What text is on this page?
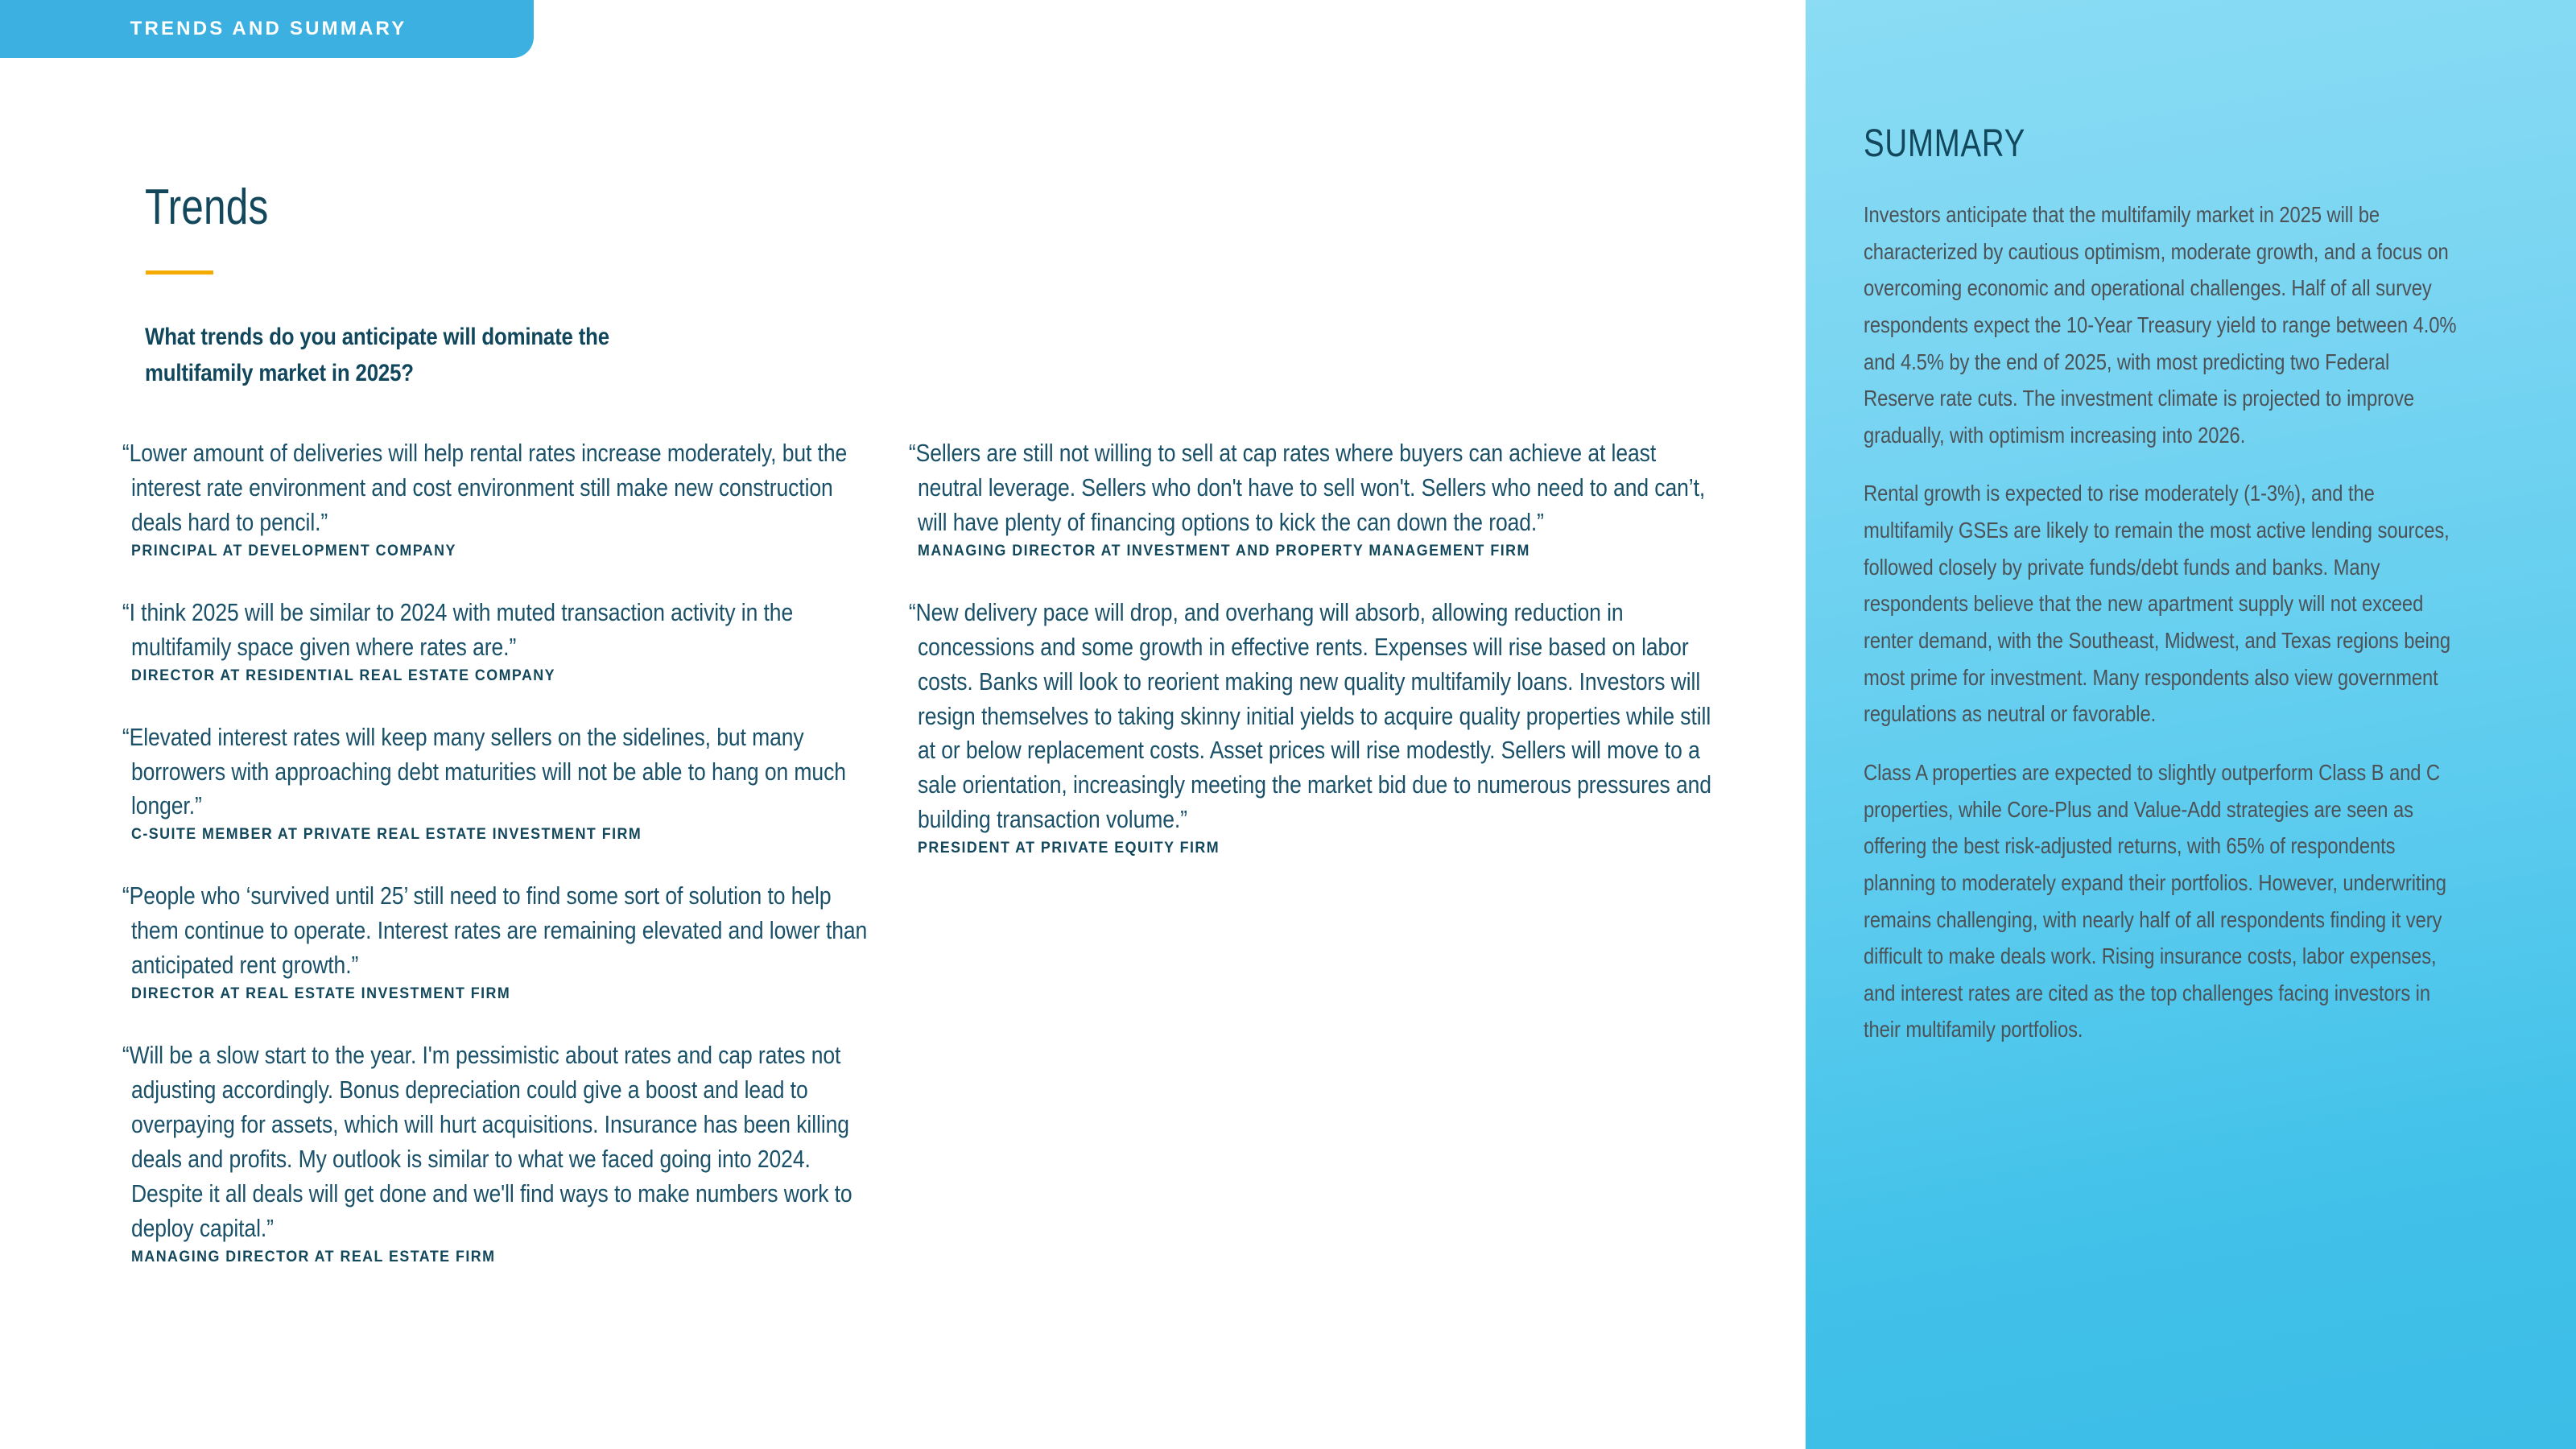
TRENDS AND SUMMARY
Trends
What trends do you anticipate will dominate the multifamily market in 2025?
“Lower amount of deliveries will help rental rates increase moderately, but the interest rate environment and cost environment still make new construction deals hard to pencil.”
PRINCIPAL AT DEVELOPMENT COMPANY
“I think 2025 will be similar to 2024 with muted transaction activity in the multifamily space given where rates are.”
DIRECTOR AT RESIDENTIAL REAL ESTATE COMPANY
“Elevated interest rates will keep many sellers on the sidelines, but many borrowers with approaching debt maturities will not be able to hang on much longer.”
C-SUITE MEMBER AT PRIVATE REAL ESTATE INVESTMENT FIRM
“People who ‘survived until 25’ still need to find some sort of solution to help them continue to operate. Interest rates are remaining elevated and lower than anticipated rent growth.”
DIRECTOR AT REAL ESTATE INVESTMENT FIRM
“Will be a slow start to the year. I'm pessimistic about rates and cap rates not adjusting accordingly. Bonus depreciation could give a boost and lead to overpaying for assets, which will hurt acquisitions. Insurance has been killing deals and profits. My outlook is similar to what we faced going into 2024. Despite it all deals will get done and we'll find ways to make numbers work to deploy capital.”
MANAGING DIRECTOR AT REAL ESTATE FIRM
“Sellers are still not willing to sell at cap rates where buyers can achieve at least neutral leverage. Sellers who don't have to sell won't. Sellers who need to and can’t, will have plenty of financing options to kick the can down the road.”
MANAGING DIRECTOR AT INVESTMENT AND PROPERTY MANAGEMENT FIRM
“New delivery pace will drop, and overhang will absorb, allowing reduction in concessions and some growth in effective rents. Expenses will rise based on labor costs. Banks will look to reorient making new quality multifamily loans. Investors will resign themselves to taking skinny initial yields to acquire quality properties while still at or below replacement costs. Asset prices will rise modestly. Sellers will move to a sale orientation, increasingly meeting the market bid due to numerous pressures and building transaction volume.”
PRESIDENT AT PRIVATE EQUITY FIRM
SUMMARY

Investors anticipate that the multifamily market in 2025 will be characterized by cautious optimism, moderate growth, and a focus on overcoming economic and operational challenges. Half of all survey respondents expect the 10-Year Treasury yield to range between 4.0% and 4.5% by the end of 2025, with most predicting two Federal Reserve rate cuts. The investment climate is projected to improve gradually, with optimism increasing into 2026.

Rental growth is expected to rise moderately (1-3%), and the multifamily GSEs are likely to remain the most active lending sources, followed closely by private funds/debt funds and banks. Many respondents believe that the new apartment supply will not exceed renter demand, with the Southeast, Midwest, and Texas regions being most prime for investment. Many respondents also view government regulations as neutral or favorable.

Class A properties are expected to slightly outperform Class B and C properties, while Core-Plus and Value-Add strategies are seen as offering the best risk-adjusted returns, with 65% of respondents planning to moderately expand their portfolios. However, underwriting remains challenging, with nearly half of all respondents finding it very difficult to make deals work. Rising insurance costs, labor expenses, and interest rates are cited as the top challenges facing investors in their multifamily portfolios.
